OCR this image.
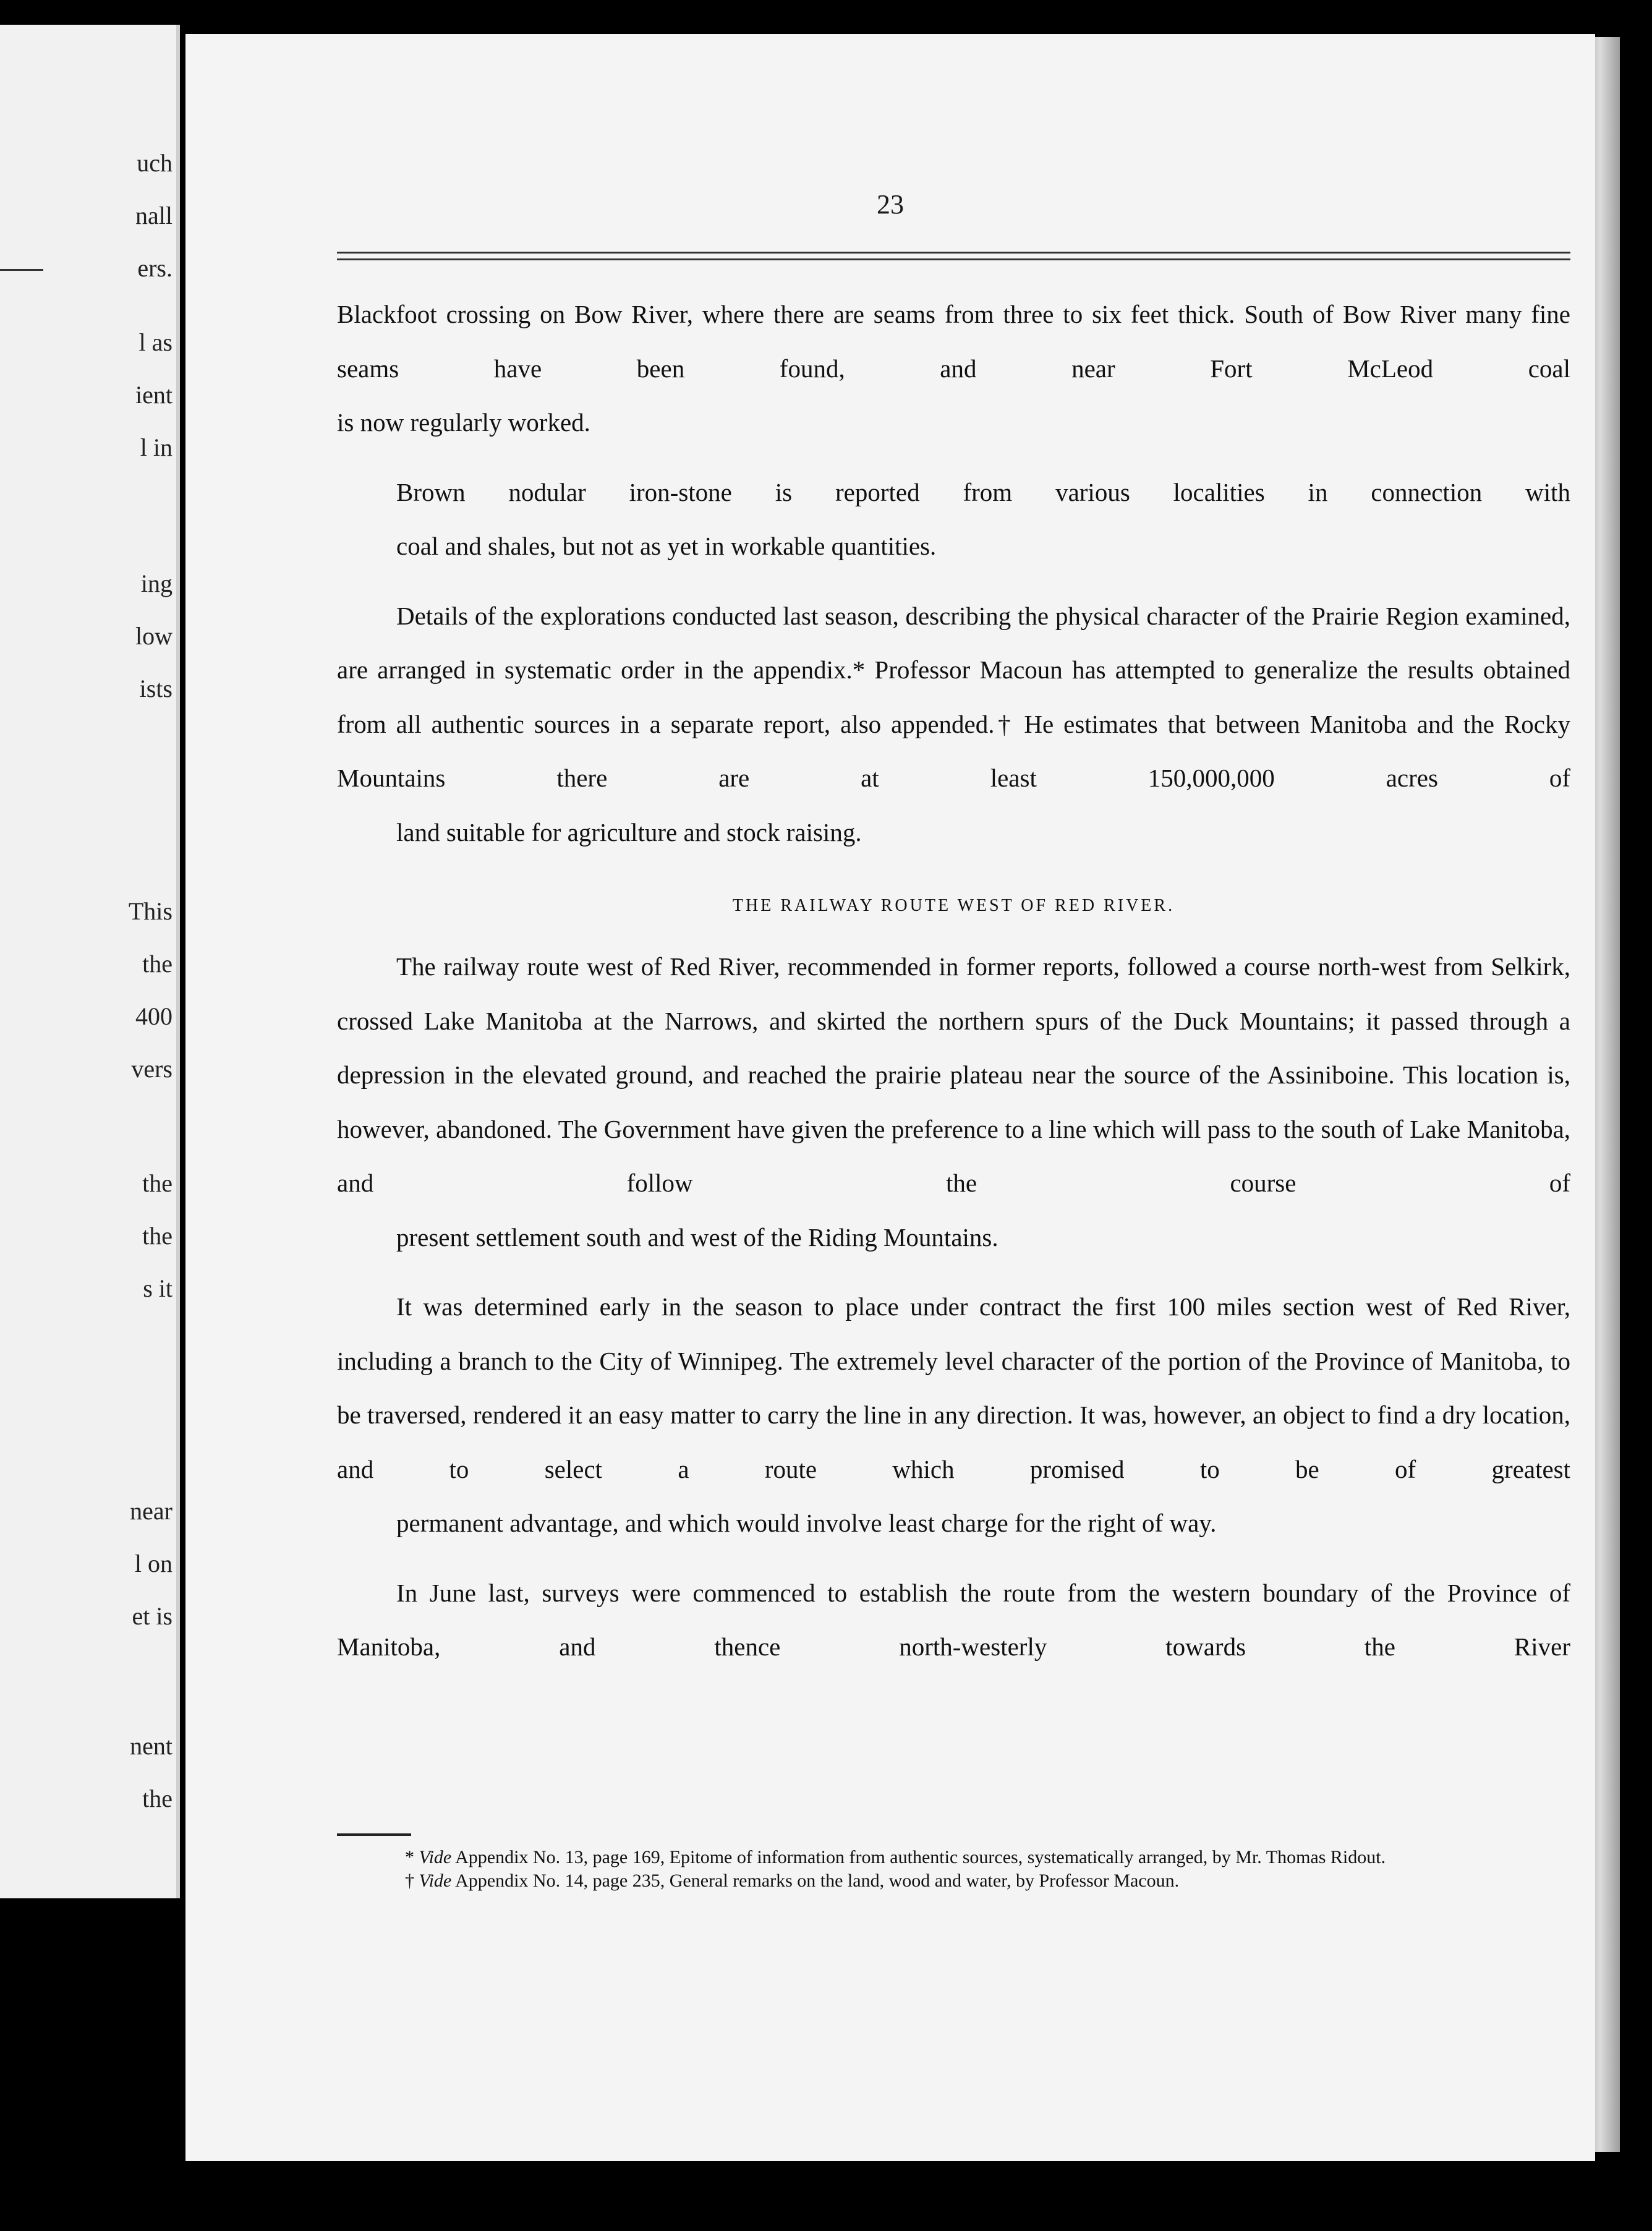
uch

nall

ers.

l as

ient

l in

ing

low

ists

This

the

400

vers

the

the

s it

near

l on

et is

nent

the

23

Blackfoot crossing on Bow River, where there are seams from three to six feet thick. South of Bow River many fine seams have been found, and near Fort McLeod coal
is now regularly worked.

Brown nodular iron-stone is reported from various localities in connection with
coal and shales, but not as yet in workable quantities.

Details of the explorations conducted last season, describing the physical character of the Prairie Region examined, are arranged in systematic order in the appendix.* Professor Macoun has attempted to generalize the results obtained from all authentic sources in a separate report, also appended.† He estimates that between Manitoba and the Rocky Mountains there are at least 150,000,000 acres of
land suitable for agriculture and stock raising.

THE RAILWAY ROUTE WEST OF RED RIVER.

The railway route west of Red River, recommended in former reports, followed a course north-west from Selkirk, crossed Lake Manitoba at the Narrows, and skirted the northern spurs of the Duck Mountains; it passed through a depression in the elevated ground, and reached the prairie plateau near the source of the Assiniboine. This location is, however, abandoned. The Government have given the preference to a line which will pass to the south of Lake Manitoba, and follow the course of
present settlement south and west of the Riding Mountains.

It was determined early in the season to place under contract the first 100 miles section west of Red River, including a branch to the City of Winnipeg. The extremely level character of the portion of the Province of Manitoba, to be traversed, rendered it an easy matter to carry the line in any direction. It was, however, an object to find a dry location, and to select a route which promised to be of greatest
permanent advantage, and which would involve least charge for the right of way.

In June last, surveys were commenced to establish the route from the western boundary of the Province of Manitoba, and thence north-westerly towards the River

* Vide Appendix No. 13, page 169, Epitome of information from authentic sources, systematically arranged, by Mr. Thomas Ridout.

† Vide Appendix No. 14, page 235, General remarks on the land, wood and water, by Professor Macoun.
